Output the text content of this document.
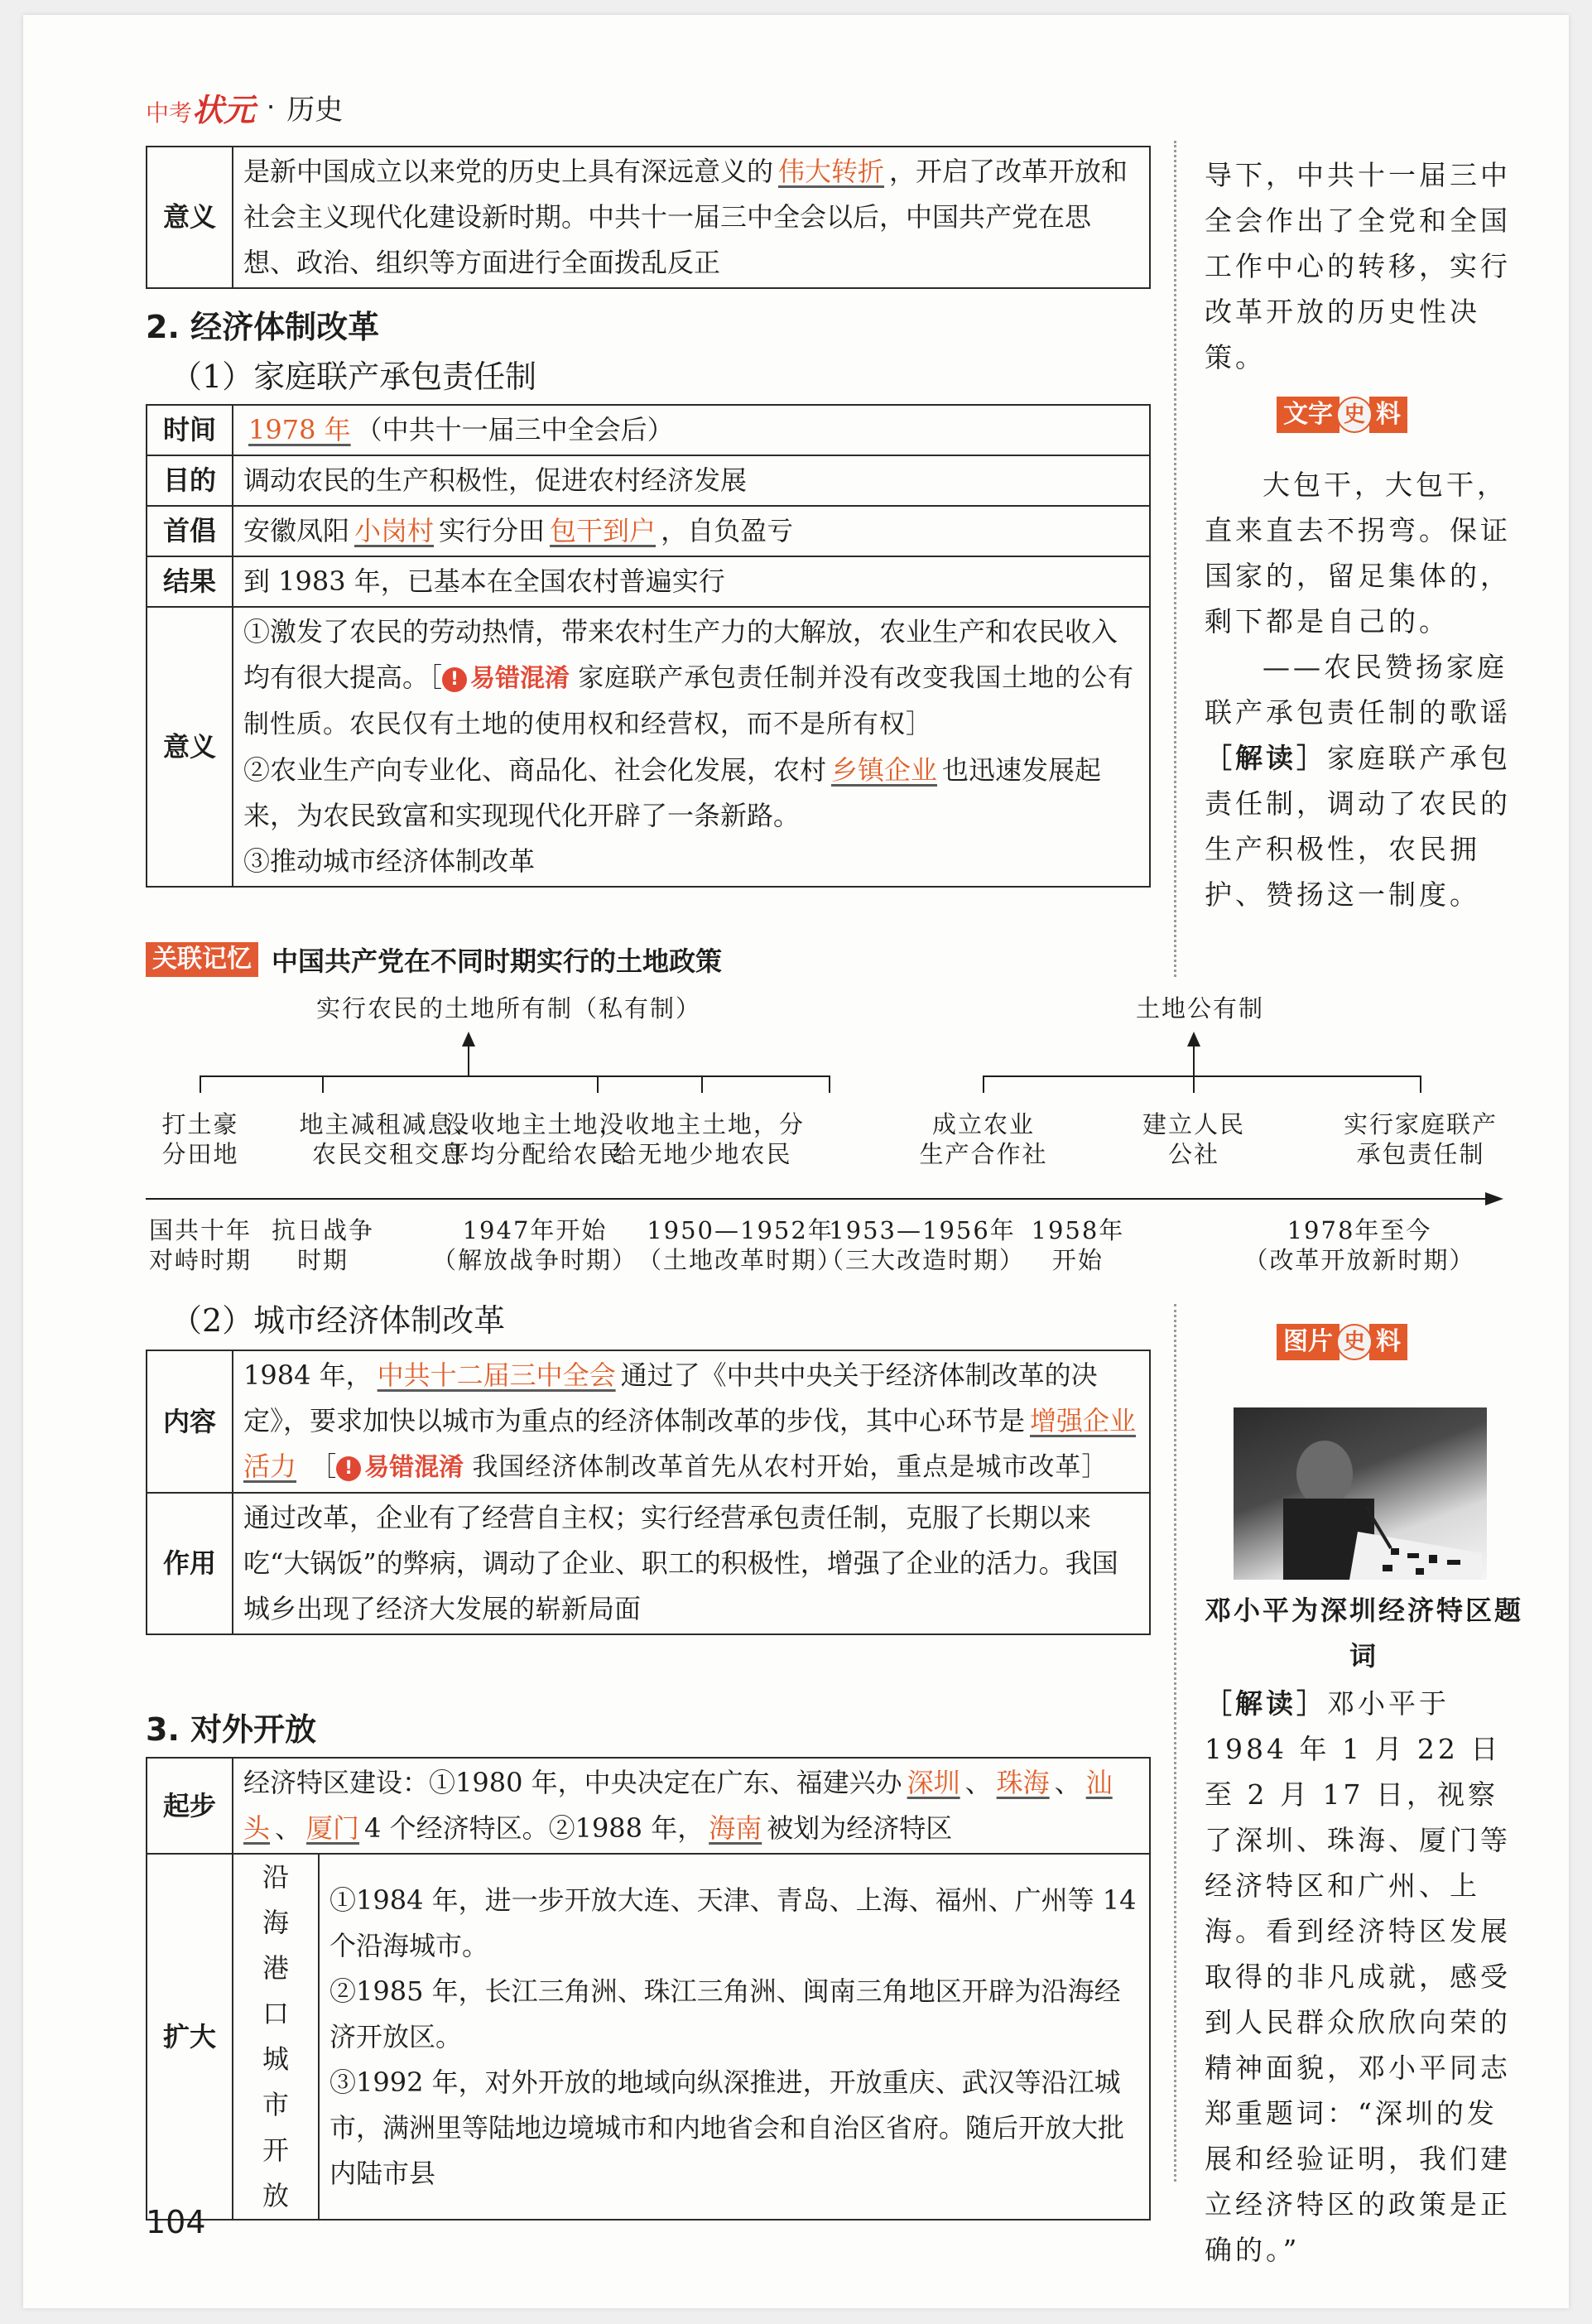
中考状元 · 历史
意义	是新中国成立以来党的历史上具有深远意义的 伟大转折 ，开启了改革开放和社会主义现代化建设新时期。中共十一届三中全会以后，中国共产党在思想、政治、组织等方面进行全面拨乱反正
2. 经济体制改革
（1）家庭联产承包责任制
时间	1978 年 （中共十一届三中全会后）
目的	调动农民的生产积极性，促进农村经济发展
首倡	安徽凤阳 小岗村 实行分田 包干到户 ，自负盈亏
结果	到 1983 年，已基本在全国农村普遍实行
意义	①激发了农民的劳动热情，带来农村生产力的大解放，农业生产和农民收入均有很大提高。［ ! 易错混淆 家庭联产承包责任制并没有改变我国土地的公有制性质。农民仅有土地的使用权和经营权，而不是所有权］
②农业生产向专业化、商品化、社会化发展，农村 乡镇企业 也迅速发展起来，为农民致富和实现现代化开辟了一条新路。
③推动城市经济体制改革
导下，中共十一届三中全会作出了全党和全国工作中心的转移，实行改革开放的历史性决策。
文字 史 料
大包干，大包干，直来直去不拐弯。保证国家的，留足集体的，剩下都是自己的。
——农民赞扬家庭联产承包责任制的歌谣
［解读］家庭联产承包责任制，调动了农民的生产积极性，农民拥护、赞扬这一制度。
关联记忆 中国共产党在不同时期实行的土地政策
实行农民的土地所有制（私有制）	土地公有制
打土豪
分田地
地主减租减息、
农民交租交息
没收地主土地，
平均分配给农民
没收地主土地，分
给无地少地农民
成立农业
生产合作社
建立人民
公社
实行家庭联产
承包责任制
国共十年
对峙时期
抗日战争
时期
1947年开始
（解放战争时期）
1950—1952年
（土地改革时期）
1953—1956年
（三大改造时期）
1958年
开始
1978年至今
（改革开放新时期）
（2）城市经济体制改革
内容	1984 年， 中共十二届三中全会 通过了《中共中央关于经济体制改革的决定》，要求加快以城市为重点的经济体制改革的步伐，其中心环节是 增强企业活力 ［ ! 易错混淆 我国经济体制改革首先从农村开始，重点是城市改革］
作用	通过改革，企业有了经营自主权；实行经营承包责任制，克服了长期以来吃“大锅饭”的弊病，调动了企业、职工的积极性，增强了企业的活力。我国城乡出现了经济大发展的崭新局面
3. 对外开放
起步	经济特区建设：①1980 年，中央决定在广东、福建兴办 深圳 、 珠海 、 汕头 、 厦门 4 个经济特区。②1988 年， 海南 被划为经济特区	
扩大	沿海港口城市开放	①1984 年，进一步开放大连、天津、青岛、上海、福州、广州等 14 个沿海城市。
②1985 年，长江三角洲、珠江三角洲、闽南三角地区开辟为沿海经济开放区。
③1992 年，对外开放的地域向纵深推进，开放重庆、武汉等沿江城市，满洲里等陆地边境城市和内地省会和自治区省府。随后开放大批内陆市县
图片 史 料
邓小平为深圳经济特区题词
［解读］邓小平于 1984 年 1 月 22 日至 2 月 17 日，视察了深圳、珠海、厦门等经济特区和广州、上海。看到经济特区发展取得的非凡成就，感受到人民群众欣欣向荣的精神面貌，邓小平同志郑重题词：“深圳的发展和经验证明，我们建立经济特区的政策是正确的。”
104
